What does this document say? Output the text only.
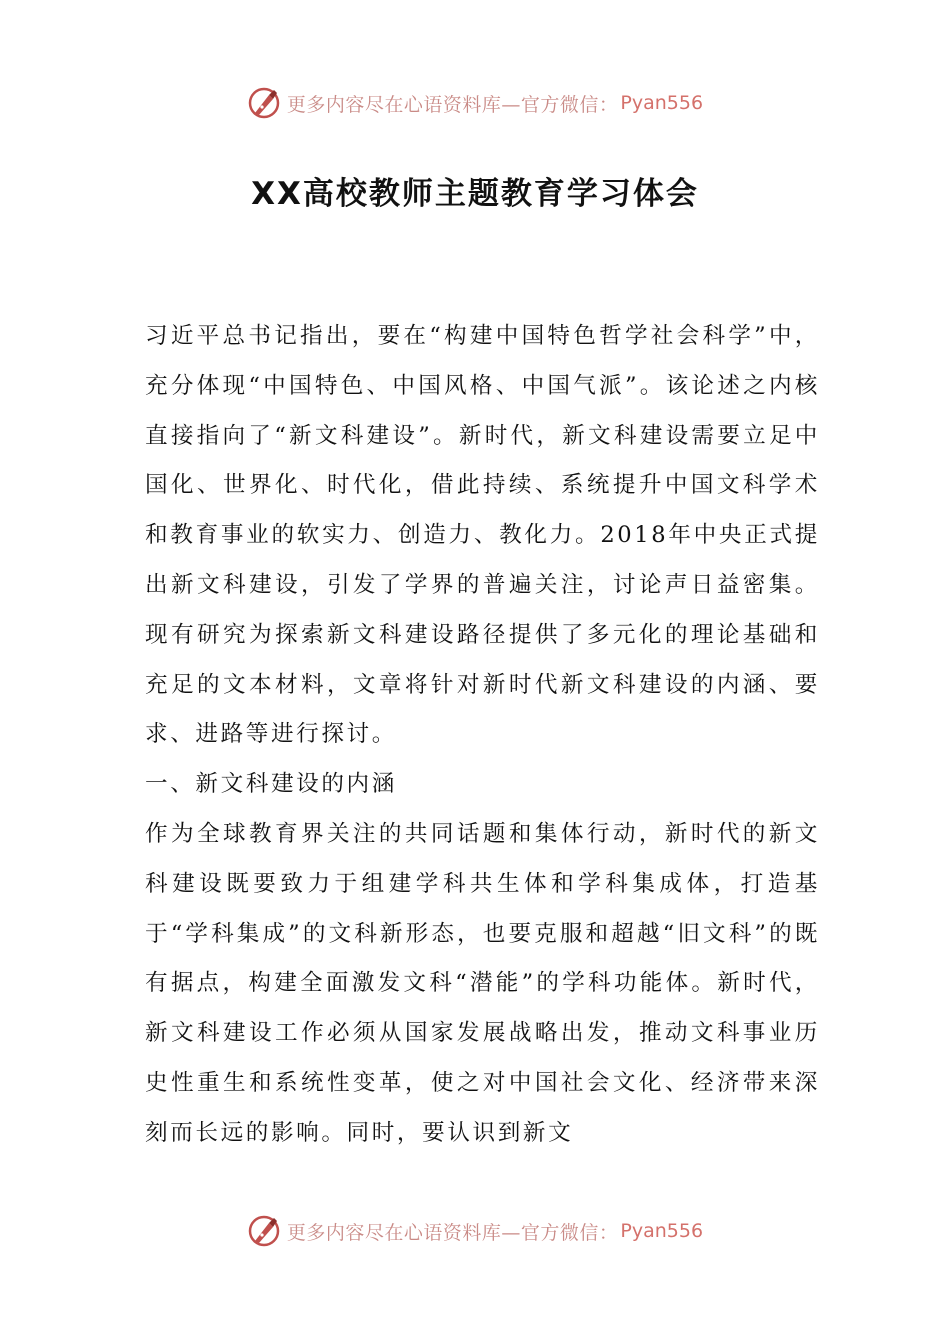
更多内容尽在心语资料库—官方微信： Pyan556
XX高校教师主题教育学习体会

习近平总书记指出，要在“构建中国特色哲学社会科学”中，充分体现“中国特色、中国风格、中国气派”。该论述之内核直接指向了“新文科建设”。新时代，新文科建设需要立足中国化、世界化、时代化，借此持续、系统提升中国文科学术和教育事业的软实力、创造力、教化力。2018年中央正式提出新文科建设，引发了学界的普遍关注，讨论声日益密集。现有研究为探索新文科建设路径提供了多元化的理论基础和充足的文本材料，文章将针对新时代新文科建设的内涵、要求、进路等进行探讨。

一、新文科建设的内涵

作为全球教育界关注的共同话题和集体行动，新时代的新文科建设既要致力于组建学科共生体和学科集成体，打造基于“学科集成”的文科新形态，也要克服和超越“旧文科”的既有据点，构建全面激发文科“潜能”的学科功能体。新时代，新文科建设工作必须从国家发展战略出发，推动文科事业历史性重生和系统性变革，使之对中国社会文化、经济带来深刻而长远的影响。同时，要认识到新文

更多内容尽在心语资料库—官方微信： Pyan556
